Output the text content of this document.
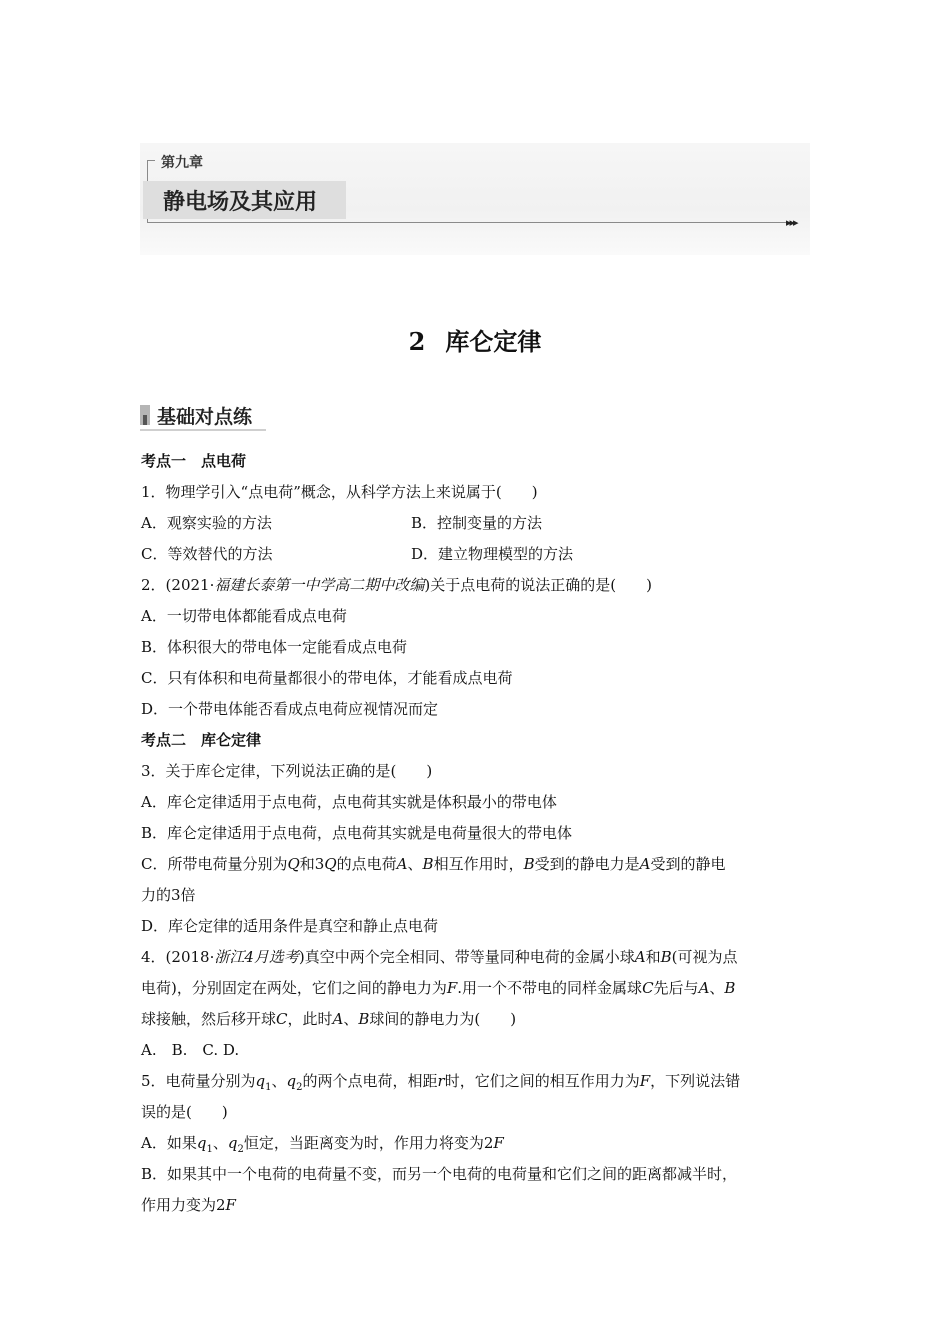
第九章
静电场及其应用
▸▸▸
2 库仑定律
基础对点练
考点一　点电荷
1．物理学引入“点电荷”概念，从科学方法上来说属于(　　)
A．观察实验的方法	B．控制变量的方法
C．等效替代的方法	D．建立物理模型的方法
2．(2021·福建长泰第一中学高二期中改编)关于点电荷的说法正确的是(　　)
A．一切带电体都能看成点电荷
B．体积很大的带电体一定能看成点电荷
C．只有体积和电荷量都很小的带电体，才能看成点电荷
D．一个带电体能否看成点电荷应视情况而定
考点二　库仑定律
3．关于库仑定律，下列说法正确的是(　　)
A．库仑定律适用于点电荷，点电荷其实就是体积最小的带电体
B．库仑定律适用于点电荷，点电荷其实就是电荷量很大的带电体
C．所带电荷量分别为Q和3Q的点电荷A、B相互作用时，B受到的静电力是A受到的静电
力的3倍
D．库仑定律的适用条件是真空和静止点电荷
4．(2018·浙江4月选考)真空中两个完全相同、带等量同种电荷的金属小球A和B(可视为点
电荷)，分别固定在两处，它们之间的静电力为F.用一个不带电的同样金属球C先后与A、B
球接触，然后移开球C，此时A、B球间的静电力为(　　)
A.　B.　C. D.
5．电荷量分别为$q_1$、$q_2$的两个点电荷，相距r时，它们之间的相互作用力为F，下列说法错
误的是(　　)
A．如果$q_1$、$q_2$恒定，当距离变为时，作用力将变为2F
B．如果其中一个电荷的电荷量不变，而另一个电荷的电荷量和它们之间的距离都减半时，
作用力变为2F
